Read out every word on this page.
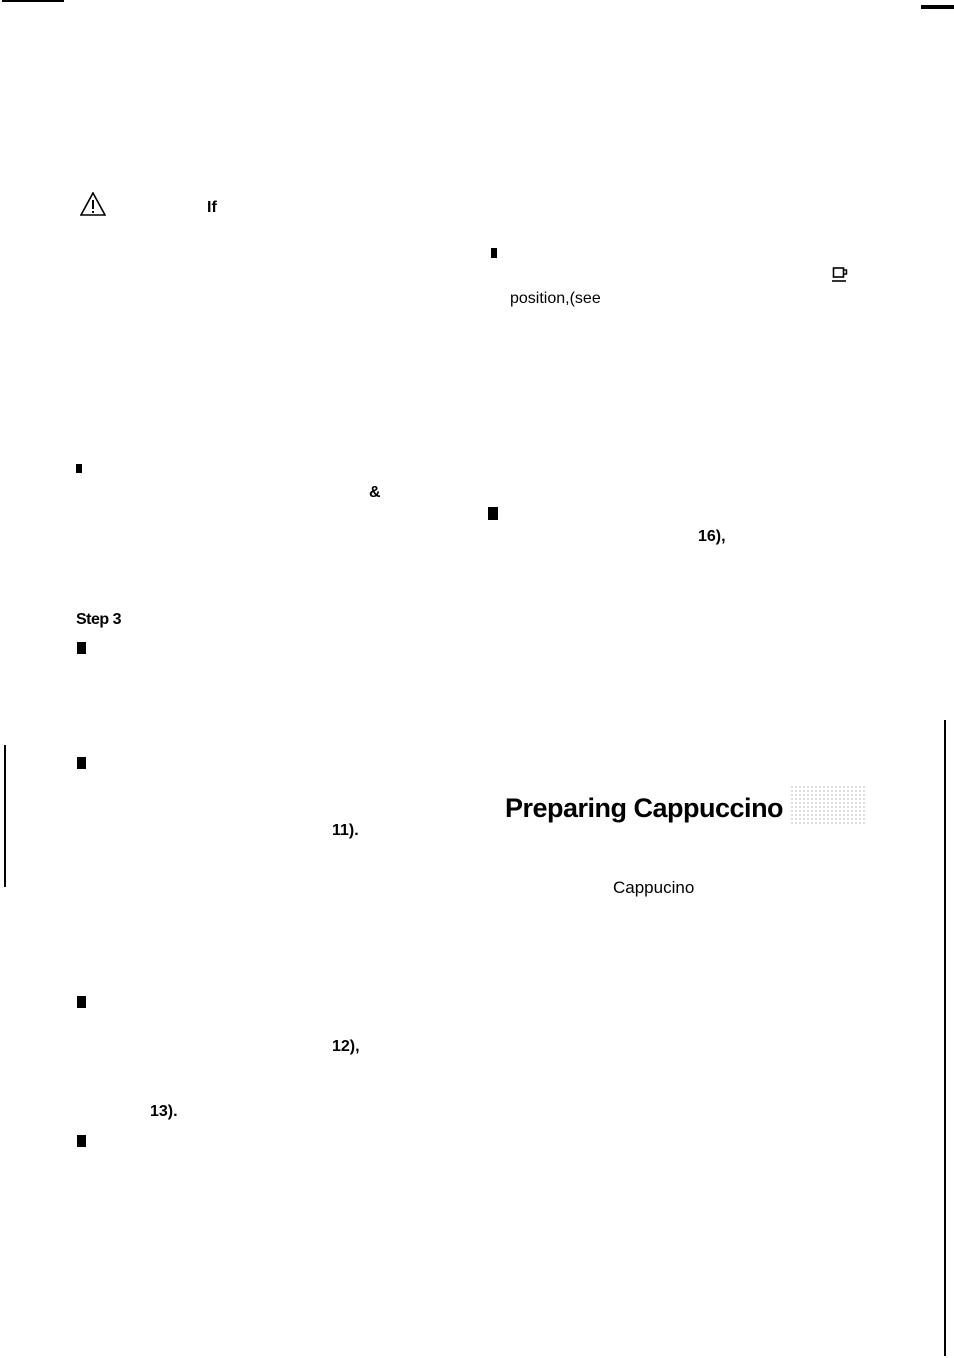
If
&
Step 3
11).
12),
13).
position,(see
16),
Preparing Cappuccino
Cappucino
